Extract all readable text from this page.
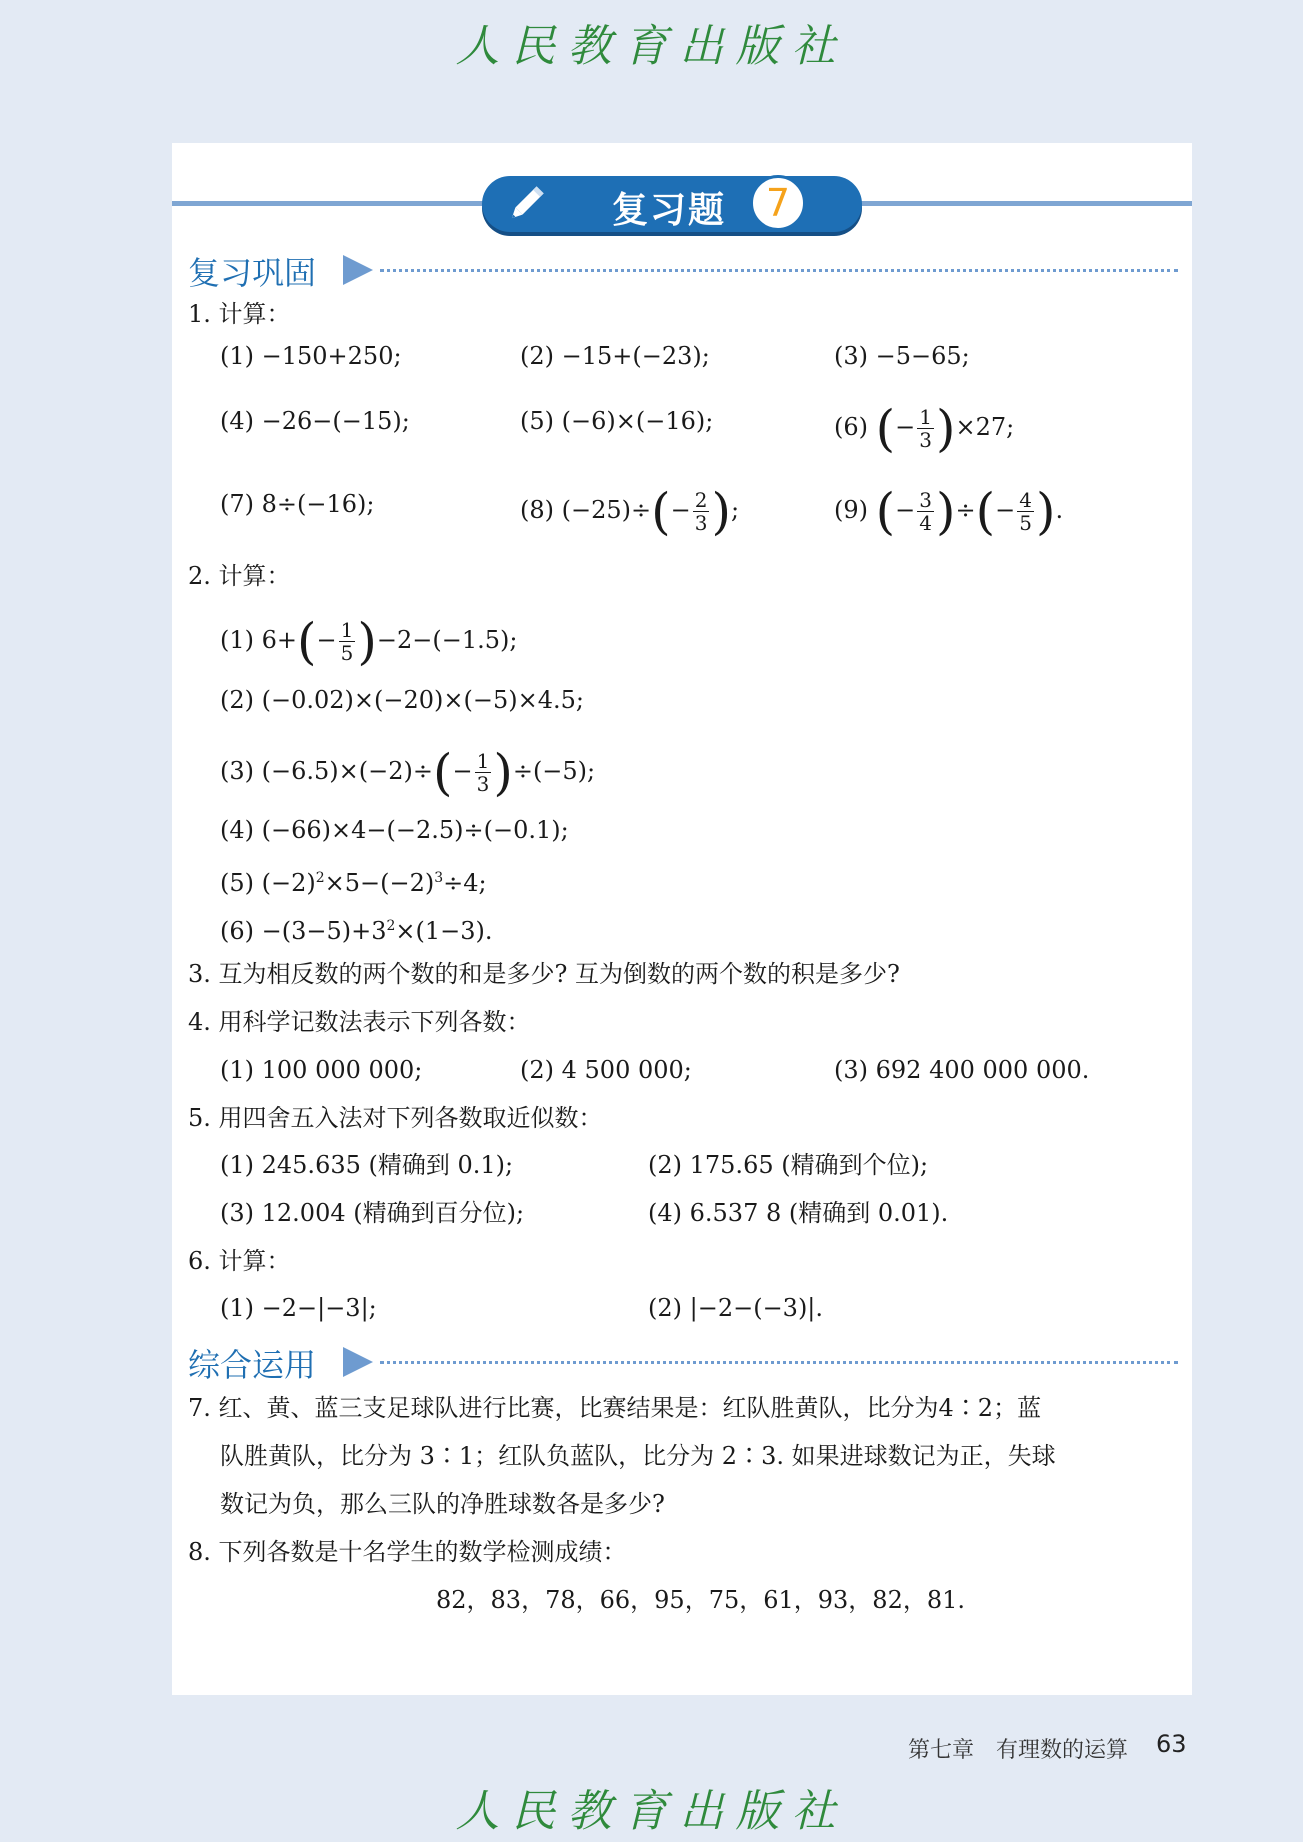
人民教育出版社
复习题	7
复习巩固
1. 计算：
(1) −150+250;	(2) −15+(−23);	(3) −5−65;
(4) −26−(−15);	(5) (−6)×(−16);	(6) (− $\frac{1}{3} )\times 27$;
(7) 8÷(−16);	(8) $(-25)\div(- \frac{2}{3}$ );	(9) (− $\frac{3}{4}$ )÷(− $\frac{4}{5}$ ).
2. 计算：
(1) $6+(- \frac{1}{5} )-2-(-1.5)$;
(2) (−0.02)×(−20)×(−5)×4.5;
(3) $(-6.5)\times(-2)\div(- \frac{1}{3} )\div(-5)$;
(4) (−66)×4−(−2.5)÷(−0.1);
(5) $(-2)^2\times 5-(-2)^3\div 4$;
$(6) -(3-5)+3^2\times(1-3)$.
3. 互为相反数的两个数的和是多少? 互为倒数的两个数的积是多少?
4. 用科学记数法表示下列各数：
(1) 100 000 000;	(2) 4 500 000;	(3) 692 400 000 000.
5. 用四舍五入法对下列各数取近似数：
(1) 245.635 (精确到 0.1);	(2) 175.65 (精确到个位);
(3) 12.004 (精确到百分位);	(4) 6.537 8 (精确到 0.01).
6. 计算：
(1) −2−|−3|;	(2) |−2−(−3)|.
综合运用
7. 红、黄、蓝三支足球队进行比赛，比赛结果是：红队胜黄队，比分为4∶2；蓝
队胜黄队，比分为 3∶1；红队负蓝队，比分为 2∶3. 如果进球数记为正，失球
数记为负，那么三队的净胜球数各是多少?
8. 下列各数是十名学生的数学检测成绩：
82，83，78，66，95，75，61，93，82，81.
第七章　有理数的运算 63
人民教育出版社
